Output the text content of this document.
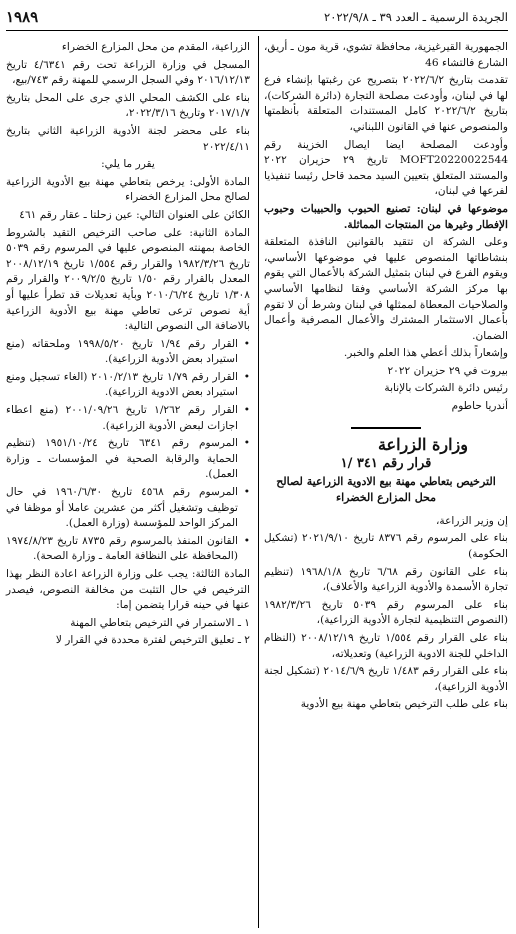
١٩٨٩	الجريدة الرسمية ـ العدد ٣٩ ـ ٢٠٢٢/٩/٨

الجمهورية القيرغيزية، محافظة تشوي، قرية مون ـ أريق، الشارع فالتشاء 46

تقدمت بتاريخ ٢٠٢٢/٦/٢ بتصريح عن رغبتها بإنشاء فرع لها في لبنان، وأودعت مصلحة التجارة (دائرة الشركات)، بتاريخ ٢٠٢٢/٦/٢ كامل المستندات المتعلقة بأنظمتها والمنصوص عنها في القانون اللبناني،

وأودعت المصلحة ايضا ايصال الخزينة رقم MOFT20220022544 تاريخ ٢٩ حزيران ٢٠٢٢ والمستند المتعلق بتعيين السيد محمد قاحل رئيسا تنفيذيا لفرعها في لبنان،

موضوعها في لبنان: تصنيع الحبوب والحبيبات وحبوب الإفطار وغيرها من المنتجات المماثلة.

وعلى الشركة ان تتقيد بالقوانين النافذة المتعلقة بنشاطاتها المنصوص عليها في موضوعها الأساسي، ويقوم الفرع في لبنان بتمثيل الشركة بالأعمال التي يقوم بها مركز الشركة الأساسي وفقا لنظامها الأساسي والصلاحيات المعطاة لممثلها في لبنان وشرط أن لا تقوم بأعمال الاستثمار المشترك والأعمال المصرفية وأعمال الضمان.

وإشعاراً بذلك أعطي هذا العلم والخبر.

بيروت في ٢٩ حزيران ٢٠٢٢

رئيس دائرة الشركات بالإنابة

أندريا حاطوم

وزارة الزراعة
قرار رقم ٣٤١ /١
الترخيص بتعاطي مهنة بيع الادوية الزراعية لصالح محل المزارع الخضراء

إن وزير الزراعة،

بناء على المرسوم رقم ٨٣٧٦ تاريخ ٢٠٢١/٩/١٠ (تشكيل الحكومة)

بناء على القانون رقم ٦/٦٨ تاريخ ١٩٦٨/١/٨ (تنظيم تجارة الأسمدة والأدوية الزراعية والأعلاف)،

بناء على المرسوم رقم ٥٠٣٩ تاريخ ١٩٨٢/٣/٢٦ (النصوص التنظيمية لتجارة الأدوية الزراعية)،

بناء على القرار رقم ١/٥٥٤ تاريخ ٢٠٠٨/١٢/١٩ (النظام الداخلي للجنة الادوية الزراعية) وتعديلاته،

بناء على القرار رقم ١/٤٨٣ تاريخ ٢٠١٤/٦/٩ (تشكيل لجنة الأدوية الزراعية)،

بناء على طلب الترخيص بتعاطي مهنة بيع الأدوية

الزراعية، المقدم من محل المزارع الخضراء

المسجل في وزارة الزراعة تحت رقم ٤/٦٣٤١ تاريخ ٢٠١٦/١٢/١٣ وفي السجل الرسمي للمهنة رقم ٧٤٣/بيع،

بناء على الكشف المحلي الذي جرى على المحل بتاريخ ٢٠١٧/١/٧ وتاريخ ٢٠٢٢/٣/١٦،

بناء على محضر لجنة الأدوية الزراعية الثاني بتاريخ ٢٠٢٢/٤/١١

يقرر ما يلي:

المادة الأولى: يرخص بتعاطي مهنة بيع الأدوية الزراعية لصالح محل المزارع الخضراء

الكائن على العنوان التالي: عين زحلتا ـ عقار رقم ٤٦١

المادة الثانية: على صاحب الترخيص التقيد بالشروط الخاصة بمهنته المنصوص عليها في المرسوم رقم ٥٠٣٩ تاريخ ١٩٨٢/٣/٢٦ والقرار رقم ١/٥٥٤ تاريخ ٢٠٠٨/١٢/١٩ المعدل بالقرار رقم ١/٥٠ تاريخ ٢٠٠٩/٢/٥ والقرار رقم ١/٣٠٨ تاريخ ٢٠١٠/٦/٢٤ وبأية تعديلات قد تطرأ عليها أو أية نصوص ترعى تعاطي مهنة بيع الأدوية الزراعية بالاضافة الى النصوص التالية:

• القرار رقم ١/٩٤ تاريخ ١٩٩٨/٥/٢٠ وملحقاته (منع استيراد بعض الأدوية الزراعية).

• القرار رقم ١/٧٩ تاريخ ٢٠١٠/٢/١٣ (الغاء تسجيل ومنع استيراد بعض الادوية الزراعية).

• القرار رقم ١/٢٦٢ تاريخ ٢٠٠١/٠٩/٢٦ (منع اعطاء اجازات لبعض الأدوية الزراعية).

• المرسوم رقم ٦٣٤١ تاريخ ١٩٥١/١٠/٢٤ (تنظيم الحماية والرقابة الصحية في المؤسسات ـ وزارة العمل).

• المرسوم رقم ٤٥٦٨ تاريخ ١٩٦٠/٦/٣٠ في حال توظيف وتشغيل أكثر من عشرين عاملا أو موظفا في المركز الواحد للمؤسسة (وزارة العمل).

• القانون المنفذ بالمرسوم رقم ٨٧٣٥ تاريخ ١٩٧٤/٨/٢٣ (المحافظة على النظافة العامة ـ وزارة الصحة).

المادة الثالثة: يجب على وزارة الزراعة اعادة النظر بهذا الترخيص في حال التثبت من مخالفة النصوص، فيصدر عنها في حينه قرارا يتضمن إما:

١ ـ الاستمرار في الترخيص بتعاطي المهنة

٢ ـ تعليق الترخيص لفترة محددة في القرار لا
